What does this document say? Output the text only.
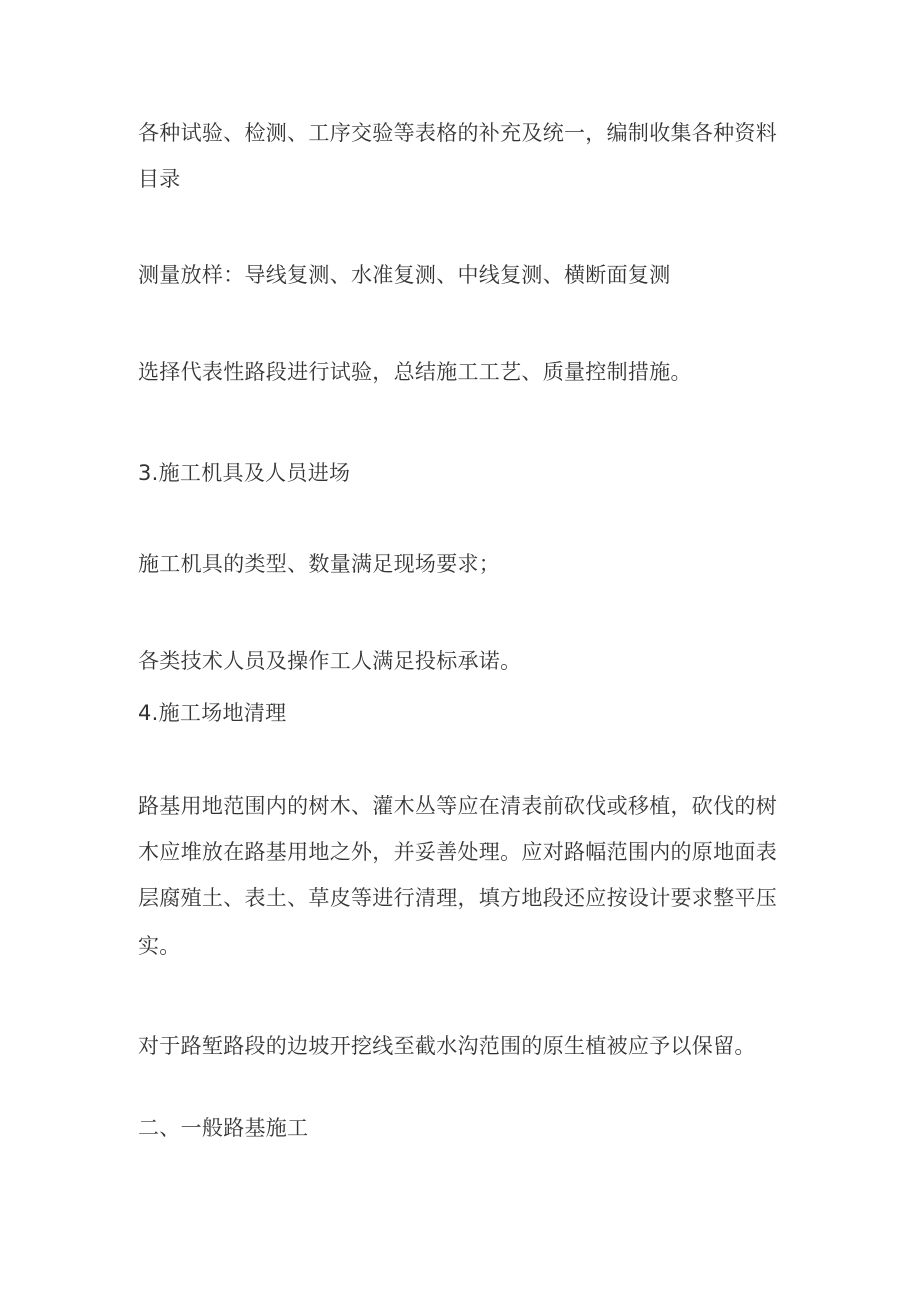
各种试验、检测、工序交验等表格的补充及统一，编制收集各种资料
目录
测量放样：导线复测、水准复测、中线复测、横断面复测
选择代表性路段进行试验，总结施工工艺、质量控制措施。
3.施工机具及人员进场
施工机具的类型、数量满足现场要求；
各类技术人员及操作工人满足投标承诺。
4.施工场地清理
路基用地范围内的树木、灌木丛等应在清表前砍伐或移植，砍伐的树
木应堆放在路基用地之外，并妥善处理。应对路幅范围内的原地面表
层腐殖土、表土、草皮等进行清理，填方地段还应按设计要求整平压
实。
对于路堑路段的边坡开挖线至截水沟范围的原生植被应予以保留。
二、一般路基施工
